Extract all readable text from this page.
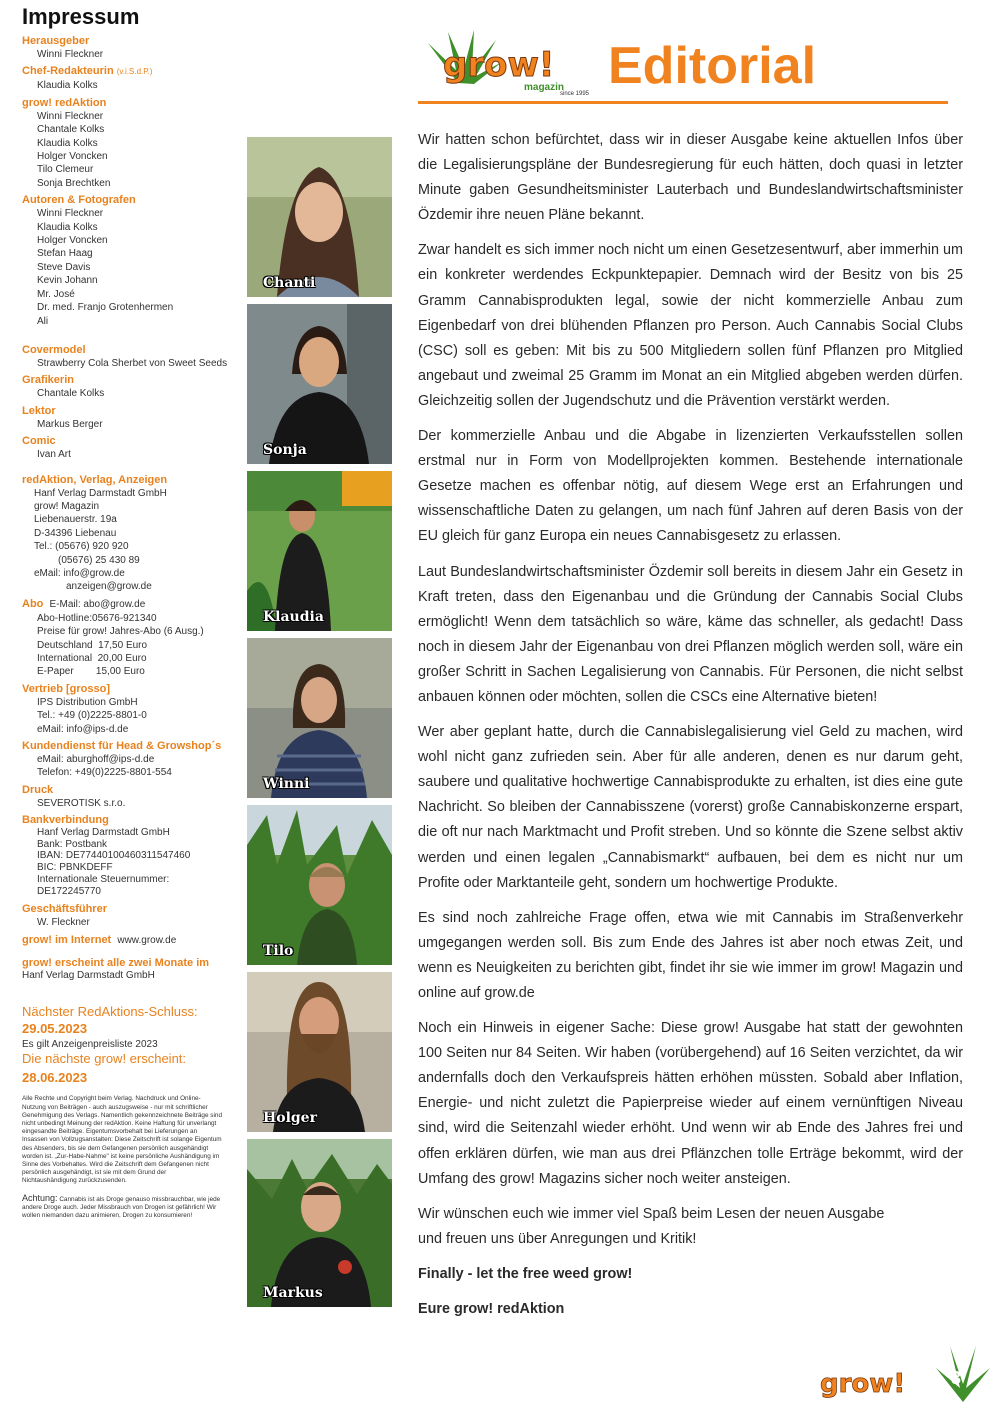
Impressum
Herausgeber
Winni Fleckner
Chef-Redakteurin (v.i.S.d.P.)
Klaudia Kolks
grow! redAktion
Winni Fleckner
Chantale Kolks
Klaudia Kolks
Holger Voncken
Tilo Clemeur
Sonja Brechtken
Autoren & Fotografen
Winni Fleckner
Klaudia Kolks
Holger Voncken
Stefan Haag
Steve Davis
Kevin Johann
Mr. José
Dr. med. Franjo Grotenhermen
Ali
Covermodel
Strawberry Cola Sherbet von Sweet Seeds
Grafikerin
Chantale Kolks
Lektor
Markus Berger
Comic
Ivan Art
redAktion, Verlag, Anzeigen
Hanf Verlag Darmstadt GmbH
grow! Magazin
Liebenauerstr. 19a
D-34396 Liebenau
Tel.: (05676) 920 920
(05676) 25 430 89
eMail: info@grow.de
anzeigen@grow.de
Abo E-Mail: abo@grow.de
Abo-Hotline:05676-921340
Preise für grow! Jahres-Abo (6 Ausg.)
Deutschland  17,50 Euro
International  20,00 Euro
E-Paper        15,00 Euro
Vertrieb [grosso]
IPS Distribution GmbH
Tel.: +49 (0)2225-8801-0
eMail: info@ips-d.de
Kundendienst für Head & Growshop´s
eMail: aburghoff@ips-d.de
Telefon: +49(0)2225-8801-554
Druck
SEVEROTISK s.r.o.
Bankverbindung
Hanf Verlag Darmstadt GmbH
Bank: Postbank
IBAN: DE77440100460311547460
BIC: PBNKDEFF
Internationale Steuernummer:
DE172245770
Geschäftsführer
W. Fleckner
grow! im Internet www.grow.de
grow! erscheint alle zwei Monate im
Hanf Verlag Darmstadt GmbH
Nächster RedAktions-Schluss:
29.05.2023
Es gilt Anzeigenpreisliste 2023
Die nächste grow! erscheint:
28.06.2023
Alle Rechte und Copyright beim Verlag. Nachdruck und Online-Nutzung von Beiträgen - auch auszugsweise - nur mit schriftlicher Genehmigung des Verlags. Namentlich gekennzeichnete Beiträge sind nicht unbedingt Meinung der redAktion. Keine Haftung für unverlangt eingesandte Beiträge. Eigentumsvorbehalt bei Lieferungen an Insassen von Vollzugsanstalten: Diese Zeitschrift ist solange Eigentum des Absenders, bis sie dem Gefangenen persönlich ausgehändigt worden ist. „Zur-Habe-Nahme" ist keine persönliche Aushändigung im Sinne des Vorbehaltes. Wird die Zeitschrift dem Gefangenen nicht persönlich ausgehändigt, ist sie mit dem Grund der Nichtaushändigung zurückzusenden.
Achtung: Cannabis ist als Droge genauso missbrauchbar, wie jede andere Droge auch. Jeder Missbrauch von Drogen ist gefährlich! Wir wollen niemanden dazu animieren, Drogen zu konsumieren!
Chanti
Sonja
Klaudia
Winni
Tilo
Holger
Markus
grow!
magazin
since 1995 Editorial

Wir hatten schon befürchtet, dass wir in dieser Ausgabe keine aktuellen Infos über die Legalisierungspläne der Bundesregierung für euch hätten, doch quasi in letzter Minute gaben Gesundheitsminister Lauterbach und Bundeslandwirtschaftsminister Özdemir ihre neuen Pläne bekannt.

Zwar handelt es sich immer noch nicht um einen Gesetzesentwurf, aber immerhin um ein konkreter werdendes Eckpunktepapier. Demnach wird der Besitz von bis 25 Gramm Cannabisprodukten legal, sowie der nicht kommerzielle Anbau zum Eigenbedarf von drei blühenden Pflanzen pro Person. Auch Cannabis Social Clubs (CSC) soll es geben: Mit bis zu 500 Mitgliedern sollen fünf Pflanzen pro Mitglied angebaut und zweimal 25 Gramm im Monat an ein Mitglied abgeben werden dürfen. Gleichzeitig sollen der Jugendschutz und die Prävention verstärkt werden.

Der kommerzielle Anbau und die Abgabe in lizenzierten Verkaufsstellen sollen erstmal nur in Form von Modellprojekten kommen. Bestehende internationale Gesetze machen es offenbar nötig, auf diesem Wege erst an Erfahrungen und wissenschaftliche Daten zu gelangen, um nach fünf Jahren auf deren Basis von der EU gleich für ganz Europa ein neues Cannabisgesetz zu erlassen.

Laut Bundeslandwirtschaftsminister Özdemir soll bereits in diesem Jahr ein Gesetz in Kraft treten, dass den Eigenanbau und die Gründung der Cannabis Social Clubs ermöglicht! Wenn dem tatsächlich so wäre, käme das schneller, als gedacht! Dass noch in diesem Jahr der Eigenanbau von drei Pflanzen möglich werden soll, wäre ein großer Schritt in Sachen Legalisierung von Cannabis. Für Personen, die nicht selbst anbauen können oder möchten, sollen die CSCs eine Alternative bieten!

Wer aber geplant hatte, durch die Cannabislegalisierung viel Geld zu machen, wird wohl nicht ganz zufrieden sein. Aber für alle anderen, denen es nur darum geht, saubere und qualitative hochwertige Cannabisprodukte zu erhalten, ist dies eine gute Nachricht. So bleiben der Cannabisszene (vorerst) große Cannabiskonzerne erspart, die oft nur nach Marktmacht und Profit streben. Und so könnte die Szene selbst aktiv werden und einen legalen „Cannabismarkt“ aufbauen, bei dem es nicht nur um Profite oder Marktanteile geht, sondern um hochwertige Produkte.

Es sind noch zahlreiche Frage offen, etwa wie mit Cannabis im Straßenverkehr umgegangen werden soll. Bis zum Ende des Jahres ist aber noch etwas Zeit, und wenn es Neuigkeiten zu berichten gibt, findet ihr sie wie immer im grow! Magazin und online auf grow.de

Noch ein Hinweis in eigener Sache: Diese grow! Ausgabe hat statt der gewohnten 100 Seiten nur 84 Seiten. Wir haben (vorübergehend) auf 16 Seiten verzichtet, da wir andernfalls doch den Verkaufspreis hätten erhöhen müssten. Sobald aber Inflation, Energie- und nicht zuletzt die Papierpreise wieder auf einem vernünftigen Niveau sind, wird die Seitenzahl wieder erhöht. Und wenn wir ab Ende des Jahres frei und offen erklären dürfen, wie man aus drei Pflänzchen tolle Erträge bekommt, wird der Umfang des grow! Magazins sicher noch weiter ansteigen.

Wir wünschen euch wie immer viel Spaß beim Lesen der neuen Ausgabe
und freuen uns über Anregungen und Kritik!

Finally - let the free weed grow!

Eure grow! redAktion

grow!	3
